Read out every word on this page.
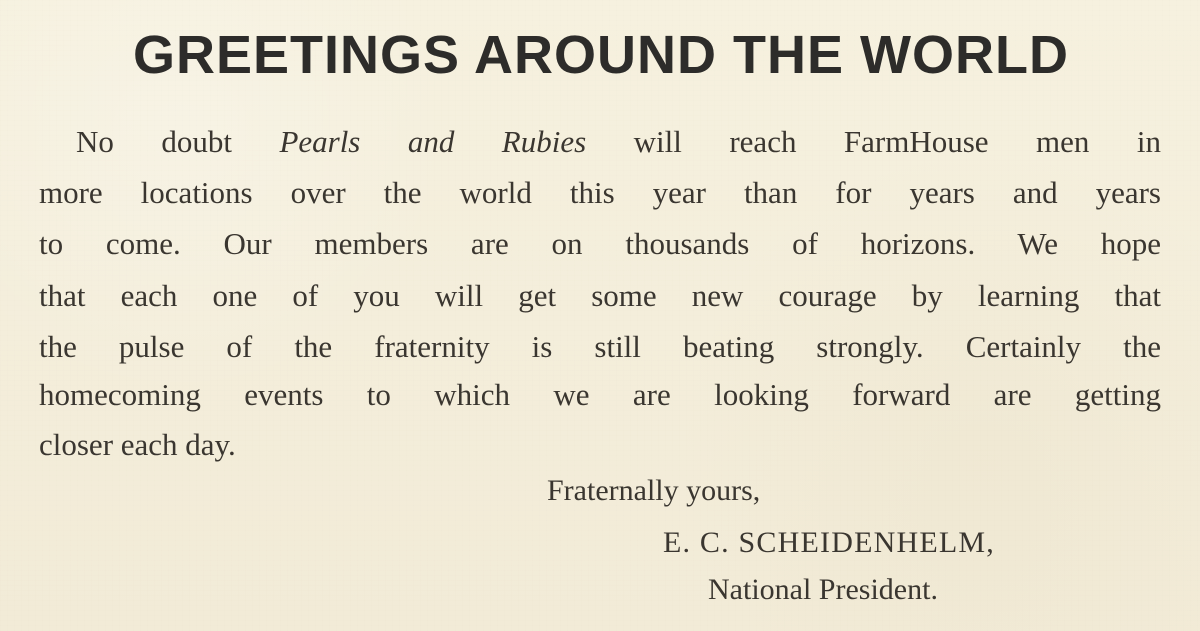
GREETINGS AROUND THE WORLD
No doubt Pearls and Rubies will reach FarmHouse men in
more locations over the world this year than for years and years
to come. Our members are on thousands of horizons. We hope
that each one of you will get some new courage by learning that
the pulse of the fraternity is still beating strongly. Certainly the
homecoming events to which we are looking forward are getting
closer each day.
Fraternally yours,
E. C. SCHEIDENHELM,
National President.
